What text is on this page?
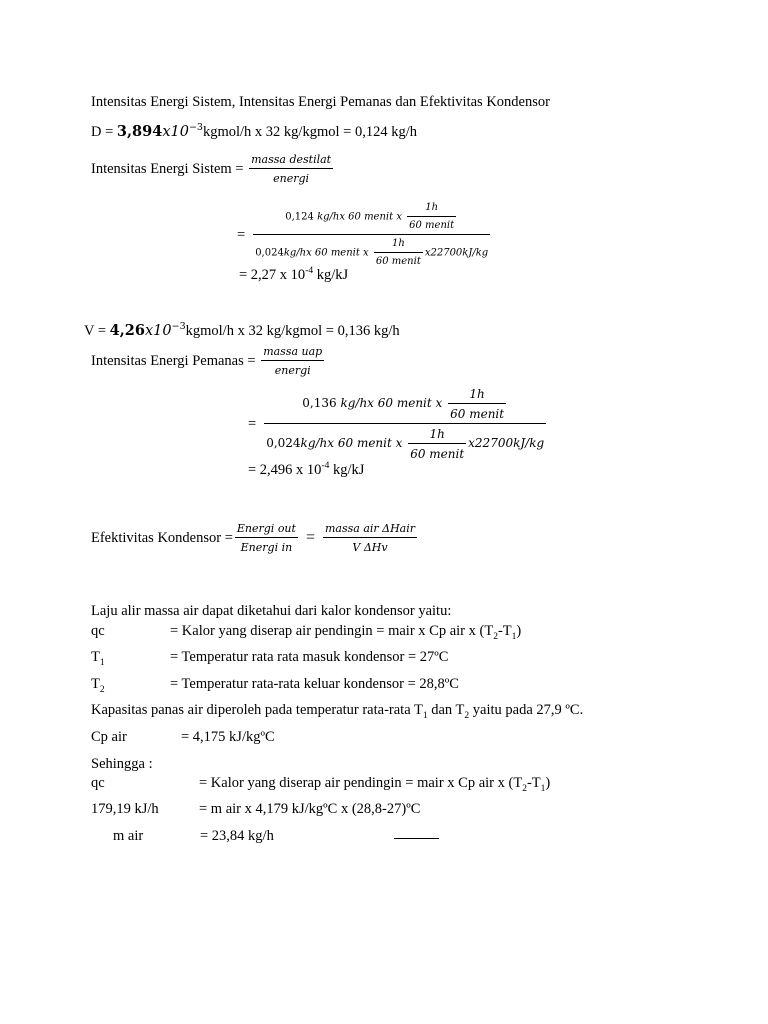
Intensitas Energi Sistem, Intensitas Energi Pemanas dan Efektivitas Kondensor
$D = 3,894x10^{-3}kgmol/h$ x 32 kg/kgmol = 0,124 kg/h
Intensitas Energi Sistem = $\frac{\text{massa destilat}}{\text{energi}}$
= $\frac{0,124 kg/hx 60 menit x \frac{1h}{\text{60 menit}}}{0,024kg/hx 60 menit x \frac{1h}{\text{60 menit}} x22700kJ/kg}$
= 2,27 x $10^{-4}$ kg/kJ
$V = 4,26x10^{-3}kgmol/h$ x 32 kg/kgmol = 0,136 kg/h
Intensitas Energi Pemanas = $\frac{\text{massa uap}}{\text{energi}}$
= $\frac{0,136 kg/hx 60 menit x \frac{1h}{\text{60 menit}}}{0,024kg/hx 60 menit x \frac{1h}{\text{60 menit}} x22700kJ/kg}$
= 2,496 x $10^{-4}$ kg/kJ
Efektivitas Kondensor = $\frac{\text{Energi out}}{\text{Energi in}} = \frac{\text{massa air ΔHair}}{\text{V ΔHv}}$
Laju alir massa air dapat diketahui dari kalor kondensor yaitu:
qc	= Kalor yang diserap air pendingin = mair x Cp air x $(T_2-T_1)$
$T_1$	= Temperatur rata rata masuk kondensor = 27ºC
$T_2$	= Temperatur rata-rata keluar kondensor = 28,8ºC
Kapasitas panas air diperoleh pada temperatur rata-rata $T_1$ dan $T_2$ yaitu pada 27,9 ºC.
Cp air	= 4,175 kJ/kgºC
Sehingga :
qc	= Kalor yang diserap air pendingin = mair x Cp air x $(T_2-T_1)$
179,19 kJ/h	= m air x 4,179 kJ/kgºC x (28,8-27)ºC
m air	= 23,84 kg/h
